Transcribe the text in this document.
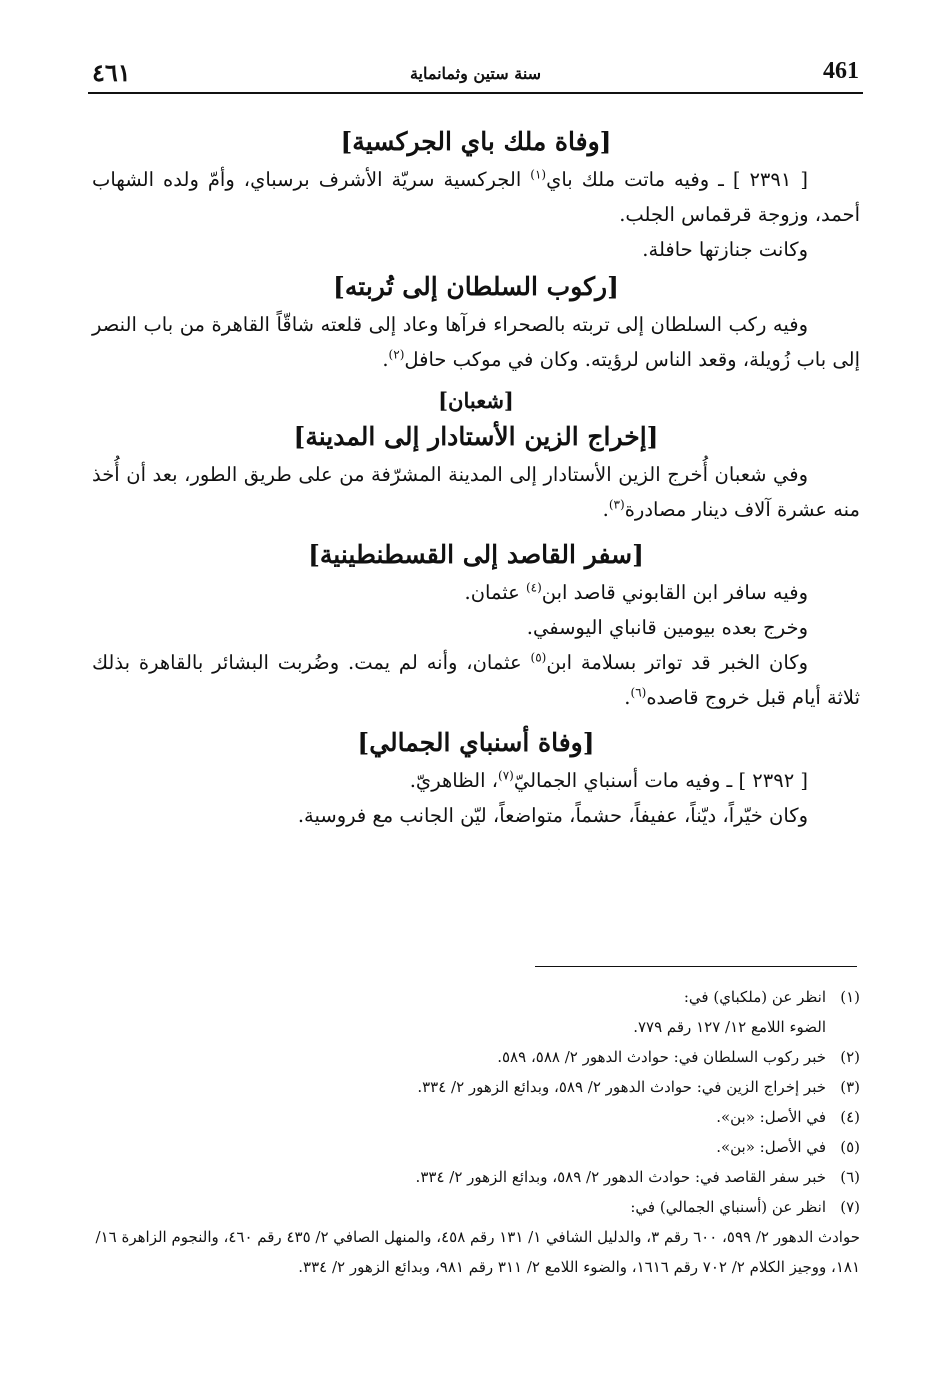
461
سنة ستين وثمانماية
٤٦١
[وفاة ملك باي الجركسية]

[ ٢٣٩١ ] ـ وفيه ماتت ملك باي$^{(١)}$ الجركسية سريّة الأشرف برسباي، وأمّ ولده الشهاب أحمد، وزوجة قرقماس الجلب.

وكانت جنازتها حافلة.

[ركوب السلطان إلى تُربته]

وفيه ركب السلطان إلى تربته بالصحراء فرآها وعاد إلى قلعته شاقّاً القاهرة من باب النصر إلى باب زُويلة، وقعد الناس لرؤيته. وكان في موكب حافل$^{(٢)}$.

[شعبان]
[إخراج الزين الأستادار إلى المدينة]

وفي شعبان أُخرج الزين الأستادار إلى المدينة المشرّفة من على طريق الطور، بعد أن أُخذ منه عشرة آلاف دينار مصادرة$^{(٣)}$.

[سفر القاصد إلى القسطنطينية]

وفيه سافر ابن القابوني قاصد ابن$^{(٤)}$ عثمان.

وخرج بعده بيومين قانباي اليوسفي.

وكان الخبر قد تواتر بسلامة ابن$^{(٥)}$ عثمان، وأنه لم يمت. وضُربت البشائر بالقاهرة بذلك ثلاثة أيام قبل خروج قاصده$^{(٦)}$.

[وفاة أسنباي الجمالي]

[ ٢٣٩٢ ] ـ وفيه مات أسنباي الجماليّ$^{(٧)}$، الظاهريّ.

وكان خيّراً، ديّناً، عفيفاً، حشماً، متواضعاً، ليّن الجانب مع فروسية.

(١)
انظر عن (ملكباي) في:
الضوء اللامع ١٢/ ١٢٧ رقم ٧٧٩.
(٢)
خبر ركوب السلطان في: حوادث الدهور ٢/ ٥٨٨، ٥٨٩.
(٣)
خبر إخراج الزين في: حوادث الدهور ٢/ ٥٨٩، وبدائع الزهور ٢/ ٣٣٤.
(٤)
في الأصل: «بن».
(٥)
في الأصل: «بن».
(٦)
خبر سفر القاصد في: حوادث الدهور ٢/ ٥٨٩، وبدائع الزهور ٢/ ٣٣٤.
(٧)
انظر عن (أسنباي الجمالي) في:
حوادث الدهور ٢/ ٥٩٩، ٦٠٠ رقم ٣، والدليل الشافي ١/ ١٣١ رقم ٤٥٨، والمنهل الصافي ٢/ ٤٣٥ رقم ٤٦٠، والنجوم الزاهرة ١٦/ ١٨١، ووجيز الكلام ٢/ ٧٠٢ رقم ١٦١٦، والضوء اللامع ٢/ ٣١١ رقم ٩٨١، وبدائع الزهور ٢/ ٣٣٤.
